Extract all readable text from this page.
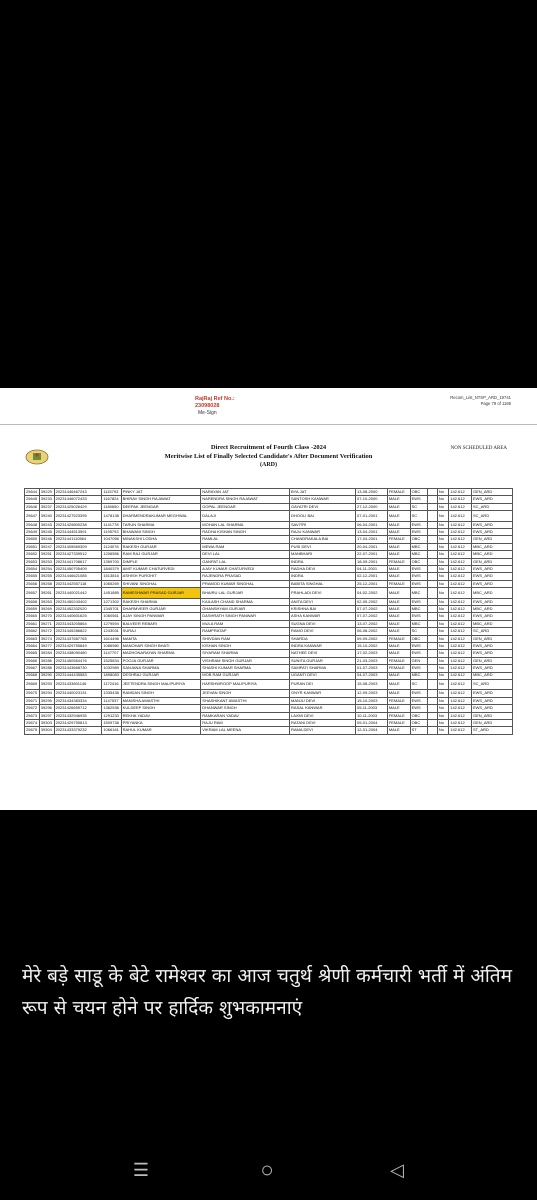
RajRaj Ref No.:
23098028
Me-Sign
Recom_List_NTSP_ARD_19741
Page 79 of 1169
Direct Recruitment of Fourth Class -2024
Meritwise List of Finally Selected Candidate's After Document Verification
(ARD)
NON SCHEDULED AREA
25644	39229	20231446467243	1115793	PINKY JAT	NARAYAN JAT	BYA JAT	13-08-2000	FEMALE	OBC		No	142.612	GEN_ARD
25645	39233	20231446072433	1167824	BHIRAV SINGH RAJAWAT	NARENDRA SINGH RAJAWAT	SANTOSH KANWAR	07-10-2000	MALE	EWS		No	142.612	EWS_ARD
25646	39237	20231425026429	1180650	DEEPAK JEENGAR	GOPAL JEENGAR	GAYATRI DEVI	27-12-2000	MALE	SC		No	142.612	SC_ARD
25647	39240	20231427523395	1478138	DHARMENDRAKUMAR MEGHWAL	DALAJI	DHOOLI BAI	07-01-2001	MALE	SC		No	142.612	SC_ARD
25648	39243	20231429800238	1141778	TARUN SHARMA	MOHAN LAL SHARMA	SAVITRI	06-04-2001	MALE	EWS		No	142.612	EWS_ARD
25649	39245	20231444513591	1195793	BHAWANI SINGH	RADHA KISHAN SINGH	RAJU KANWAR	13-04-2001	MALE	EWS		No	142.612	EWS_ARD
25650	39246	20231441110564	1047056	MINAKSHI LODHA	RAMLAL	CHANDRAKALA BAI	17-04-2001	FEMALE	OBC		No	142.612	GEN_ARD
25651	39247	20231405569309	1124078	RAKESH GURJAR	MEWA RAM	PUSI DEVI	20-04-2001	MALE	MBC		No	142.612	MBC_ARD
25652	39251	20231427339512	1206556	RAM RAJ GURJAR	DEVI LAL	MANBHARI	22-07-2001	MALE	MBC		No	142.612	MBC_ARD
25653	39253	20231441708617	1359700	DIMPLE	GANPAT LAL	INDRA	18-09-2001	FEMALE	OBC		No	142.612	GEN_ARD
25654	39254	20231450705409	1840379	AMIT KUMAR CHATURVEDI	AJAY KUMAR CHATURVEDI	RADHA DEVI	04-11-2001	MALE	EWS		No	142.612	EWS_ARD
25655	39255	20231446621085	1513816	ASHISH PUROHIT	RAJENDRA PRASAD	INDRA	02-12-2001	MALE	EWS		No	142.612	EWS_ARD
25656	39258	20231442557118	1065269	SHIVANI SINGHAL	PRAMOD KUMAR SINGHAL	BABITA SINGHAL	25-12-2001	FEMALE	EWS		No	142.612	EWS_ARD
25657	39261	20231440021442	1451885	RAMESHWAR PRASAD GURJAR	BHAIRU LAL GURJAR	PRAHLADI DEVI	04-02-2002	MALE	MBC		No	142.612	MBC_ARD
25658	39263	20231450243402	1271302	RAKESH SHARMA	KAILASH CHAND SHARMA	ANITA DEVI	02-05-2002	MALE	EWS		No	142.612	EWS_ARD
25659	39269	20231452332020	1345701	DHARMVEER GURJAR	GHANSHYAM GURJAR	KRISHNA BAI	07-07-2002	MALE	MBC		No	142.612	MBC_ARD
25660	39270	20231440601625	1060561	AJAY SINGH PANWAR	DASHRATH SINGH PANWAR	ASHA KANWAR	07-07-2002	MALE	EWS		No	142.612	EWS_ARD
25661	39271	20231443205864	1279594	BALVEER REBARI	MULA RAM	SUGNA DEVI	13-07-2002	MALE	MBC		No	142.612	MBC_ARD
25662	39272	20231445286822	1243031	SURAJ	RAMPRATAP	RAMO DEVI	06-08-2002	MALE	SC		No	142.612	SC_ARD
25663	39274	20231437687765	1614496	MAMTA	SHIVDAN RAM	SHARDA	09-09-2002	FEMALE	OBC		No	142.612	GEN_ARD
25664	39277	20231429755849	1086980	MANOHAR SINGH BHATI	KISHAN SINGH	INDRA KANWAR	15-10-2002	MALE	EWS		No	142.612	EWS_ARD
25665	39284	20231438090480	1147707	MADHONARAYAN SHARMA	SIYARAM SHARMA	NATHEE DEVI	17-02-2003	MALE	EWS		No	142.612	EWS_ARD
25666	39286	20231450564476	1525834	POOJA GURJAR	VISHRAM SINGH GURJAR	SUNITA GURJAR	21-03-2003	FEMALE	GEN		No	142.612	GEN_ARD
25667	39288	20231443668730	1032989	SANJANA SHARMA	SHASHI KUMAR SHARMA	SAMPATI SHARMA	01-07-2003	FEMALE	EWS		No	142.612	EWS_ARD
25668	39290	20231444435583	1898083	DESHRAJ GURJAR	MOB RAM GURJAR	UGANTI DEVI	04-07-2003	MALE	MBC		No	142.612	MBC_ARD
25669	39293	20231433801146	1172416	JEETENDRA SINGH MALIPURIYA	HARSHWROOP MALIPURIYA	PURAN DEI	15-08-2003	MALE	SC		No	142.612	SC_ARD
25670	39294	20231440023131	1335438	RAMDAN SINGH	JEEVAN SINGH	GNYR KANWAR	12-09-2003	MALE	EWS		No	142.612	EWS_ARD
25671	39295	20231434383334	1147537	MANISHA AWASTHI	SHASHIKANT AWASTHI	MANJU DEVI	15-10-2003	FEMALE	EWS		No	142.612	EWS_ARD
25672	39296	20231426659712	1362536	KULDEEP SINGH	DHANWAR SINGH	RASAL KANWAR	05-11-2003	MALE	EWS		No	142.612	EWS_ARD
25673	39297	20231432946935	1291233	REKHA YADAV	RAMKARAN YADAV	LAXMI DEVI	10-11-2003	FEMALE	OBC		No	142.612	GEN_ARD
25674	39303	20231429755813	1509738	PRIYANKA	RAJU RAM	RATANI DEVI	05-01-2004	FEMALE	OBC		No	142.612	GEN_ARD
25675	39304	20231433379232	1066161	RAHUL KUMAR	VIKRAM LAL MEENA	RAMA DEVI	12-01-2004	MALE	ST		No	142.612	ST_ARD
मेरे बड़े साडू के बेटे रामेश्वर का आज चतुर्थ श्रेणी कर्मचारी भर्ती में अंतिम रूप से चयन होने पर हार्दिक शुभकामनाएं
☰	○	◁
